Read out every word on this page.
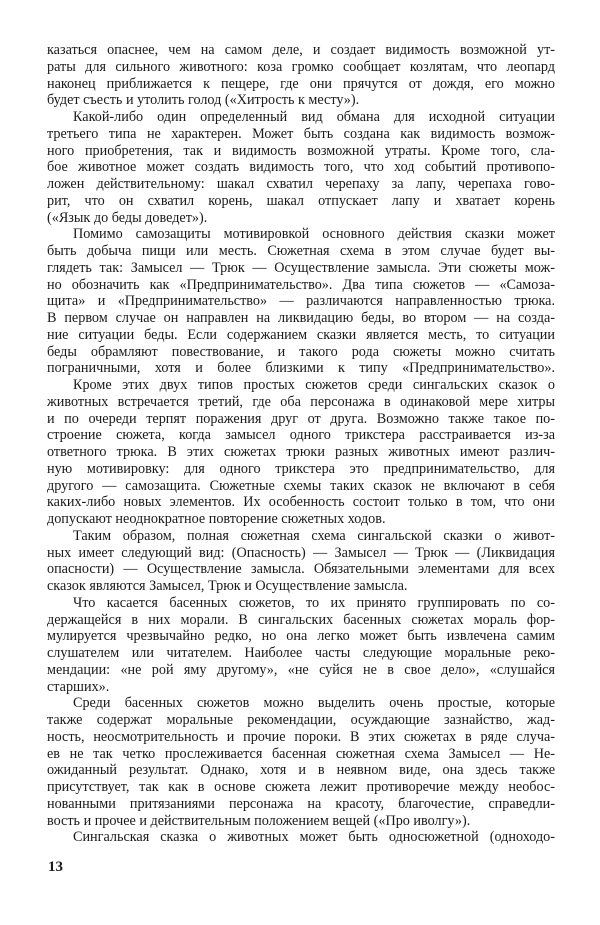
казаться опаснее, чем на самом деле, и создает видимость возможной ут-
раты для сильного животного: коза громко сообщает козлятам, что леопард
наконец приближается к пещере, где они прячутся от дождя, его можно
будет съесть и утолить голод («Хитрость к месту»).
Какой-либо один определенный вид обмана для исходной ситуации
третьего типа не характерен. Может быть создана как видимость возмож-
ного приобретения, так и видимость возможной утраты. Кроме того, сла-
бое животное может создать видимость того, что ход событий противопо-
ложен действительному: шакал схватил черепаху за лапу, черепаха гово-
рит, что он схватил корень, шакал отпускает лапу и хватает корень
(«Язык до беды доведет»).
Помимо самозащиты мотивировкой основного действия сказки может
быть добыча пищи или месть. Сюжетная схема в этом случае будет вы-
глядеть так: Замысел — Трюк — Осуществление замысла. Эти сюжеты мож-
но обозначить как «Предпринимательство». Два типа сюжетов — «Самоза-
щита» и «Предпринимательство» — различаются направленностью трюка.
В первом случае он направлен на ликвидацию беды, во втором — на созда-
ние ситуации беды. Если содержанием сказки является месть, то ситуации
беды обрамляют повествование, и такого рода сюжеты можно считать
пограничными, хотя и более близкими к типу «Предпринимательство».
Кроме этих двух типов простых сюжетов среди сингальских сказок о
животных встречается третий, где оба персонажа в одинаковой мере хитры
и по очереди терпят поражения друг от друга. Возможно также такое по-
строение сюжета, когда замысел одного трикстера расстраивается из-за
ответного трюка. В этих сюжетах трюки разных животных имеют различ-
ную мотивировку: для одного трикстера это предпринимательство, для
другого — самозащита. Сюжетные схемы таких сказок не включают в себя
каких-либо новых элементов. Их особенность состоит только в том, что они
допускают неоднократное повторение сюжетных ходов.
Таким образом, полная сюжетная схема сингальской сказки о живот-
ных имеет следующий вид: (Опасность) — Замысел — Трюк — (Ликвидация
опасности) — Осуществление замысла. Обязательными элементами для всех
сказок являются Замысел, Трюк и Осуществление замысла.
Что касается басенных сюжетов, то их принято группировать по со-
держащейся в них морали. В сингальских басенных сюжетах мораль фор-
мулируется чрезвычайно редко, но она легко может быть извлечена самим
слушателем или читателем. Наиболее часты следующие моральные реко-
мендации: «не рой яму другому», «не суйся не в свое дело», «слушайся
старших».
Среди басенных сюжетов можно выделить очень простые, которые
также содержат моральные рекомендации, осуждающие зазнайство, жад-
ность, неосмотрительность и прочие пороки. В этих сюжетах в ряде случа-
ев не так четко прослеживается басенная сюжетная схема Замысел — Не-
ожиданный результат. Однако, хотя и в неявном виде, она здесь также
присутствует, так как в основе сюжета лежит противоречие между необос-
нованными притязаниями персонажа на красоту, благочестие, справедли-
вость и прочее и действительным положением вещей («Про иволгу»).
Сингальская сказка о животных может быть односюжетной (одноходо-
13
